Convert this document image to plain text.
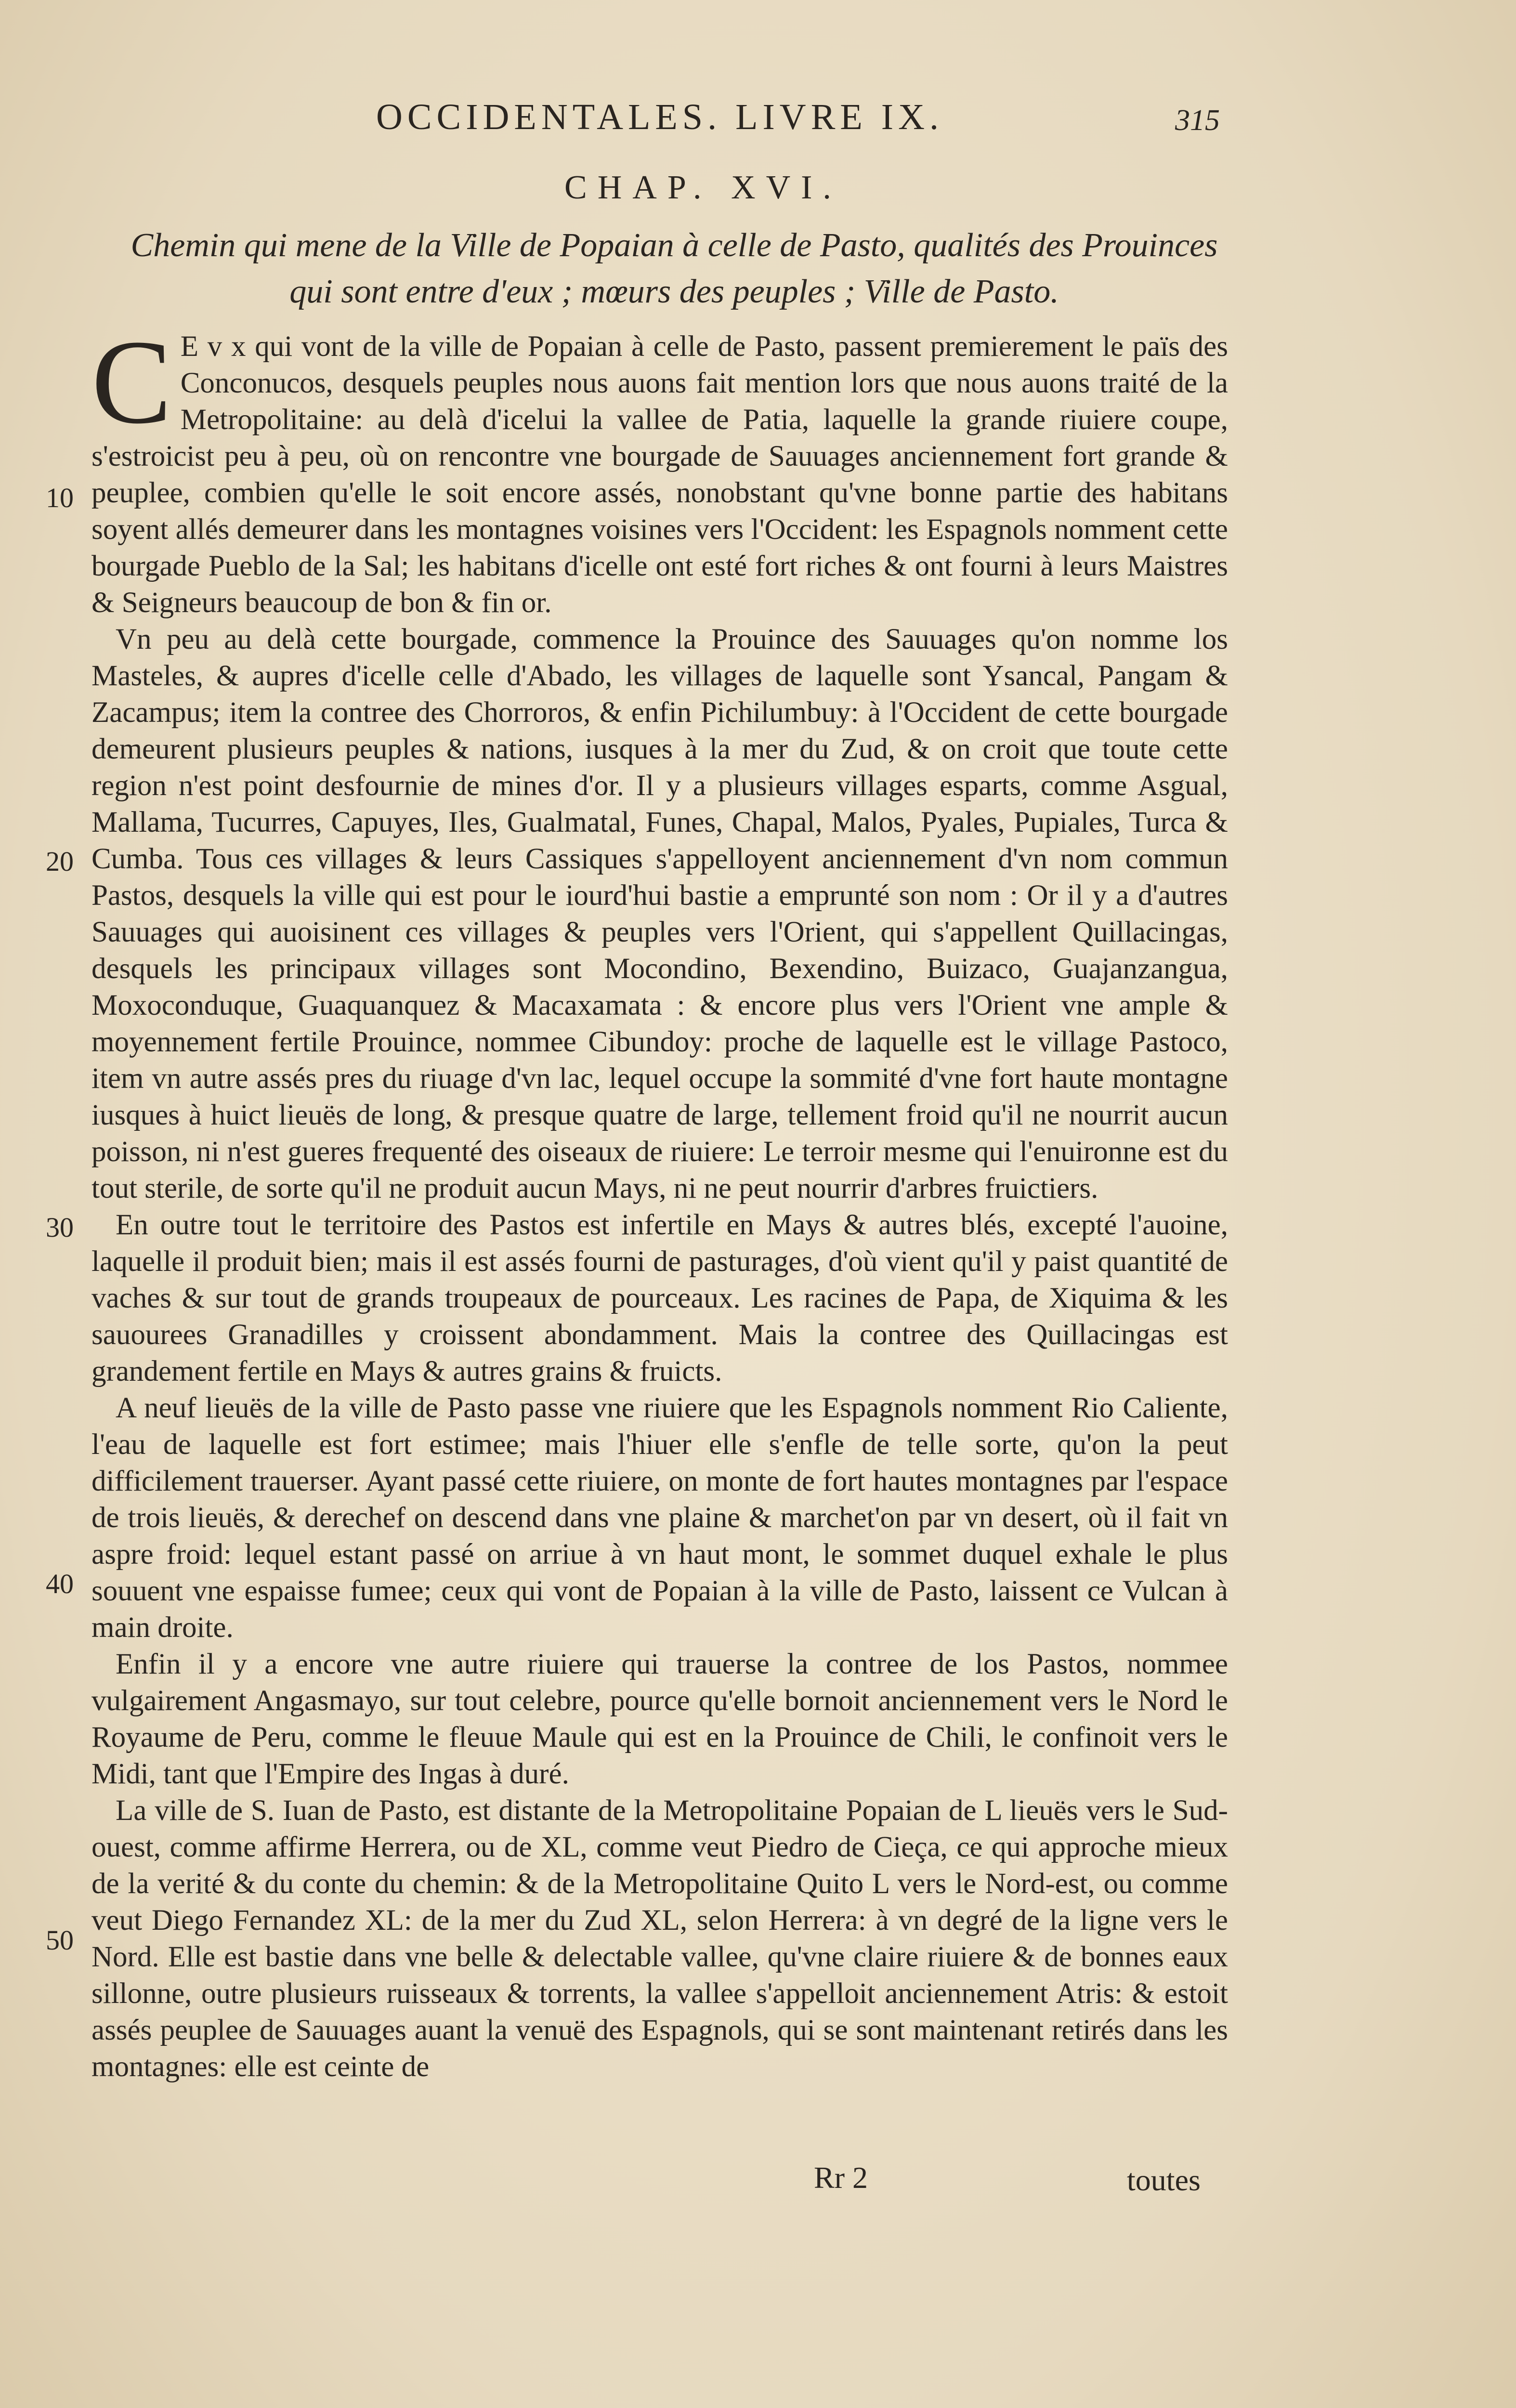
OCCIDENTALES. LIVRE IX.	315
CHAP. XVI.
Chemin qui mene de la Ville de Popaian à celle de Pasto, qualités des Prouinces qui sont entre d'eux ; mœurs des peuples ; Ville de Pasto.
10
20
30
40
50

C E v x qui vont de la ville de Popaian à celle de Pasto, passent premierement le païs des Conconucos, desquels peuples nous auons fait mention lors que nous auons traité de la Metropolitaine: au delà d'icelui la vallee de Patia, laquelle la grande riuiere coupe, s'estroicist peu à peu, où on rencontre vne bourgade de Sauuages anciennement fort grande & peuplee, combien qu'elle le soit encore assés, nonobstant qu'vne bonne partie des habitans soyent allés demeurer dans les montagnes voisines vers l'Occident: les Espagnols nomment cette bourgade Pueblo de la Sal; les habitans d'icelle ont esté fort riches & ont fourni à leurs Maistres & Seigneurs beaucoup de bon & fin or.

Vn peu au delà cette bourgade, commence la Prouince des Sauuages qu'on nomme los Masteles, & aupres d'icelle celle d'Abado, les villages de laquelle sont Ysancal, Pangam & Zacampus; item la contree des Chorroros, & enfin Pichilumbuy: à l'Occident de cette bourgade demeurent plusieurs peuples & nations, iusques à la mer du Zud, & on croit que toute cette region n'est point desfournie de mines d'or. Il y a plusieurs villages esparts, comme Asgual, Mallama, Tucurres, Capuyes, Iles, Gualmatal, Funes, Chapal, Malos, Pyales, Pupiales, Turca & Cumba. Tous ces villages & leurs Cassiques s'appelloyent anciennement d'vn nom commun Pastos, desquels la ville qui est pour le iourd'hui bastie a emprunté son nom : Or il y a d'autres Sauuages qui auoisinent ces villages & peuples vers l'Orient, qui s'appellent Quillacingas, desquels les principaux villages sont Mocondino, Bexendino, Buizaco, Guajanzangua, Moxoconduque, Guaquanquez & Macaxamata : & encore plus vers l'Orient vne ample & moyennement fertile Prouince, nommee Cibundoy: proche de laquelle est le village Pastoco, item vn autre assés pres du riuage d'vn lac, lequel occupe la sommité d'vne fort haute montagne iusques à huict lieuës de long, & presque quatre de large, tellement froid qu'il ne nourrit aucun poisson, ni n'est gueres frequenté des oiseaux de riuiere: Le terroir mesme qui l'enuironne est du tout sterile, de sorte qu'il ne produit aucun Mays, ni ne peut nourrir d'arbres fruictiers.

En outre tout le territoire des Pastos est infertile en Mays & autres blés, excepté l'auoine, laquelle il produit bien; mais il est assés fourni de pasturages, d'où vient qu'il y paist quantité de vaches & sur tout de grands troupeaux de pourceaux. Les racines de Papa, de Xiquima & les sauourees Granadilles y croissent abondamment. Mais la contree des Quillacingas est grandement fertile en Mays & autres grains & fruicts.

A neuf lieuës de la ville de Pasto passe vne riuiere que les Espagnols nomment Rio Caliente, l'eau de laquelle est fort estimee; mais l'hiuer elle s'enfle de telle sorte, qu'on la peut difficilement trauerser. Ayant passé cette riuiere, on monte de fort hautes montagnes par l'espace de trois lieuës, & derechef on descend dans vne plaine & marchet'on par vn desert, où il fait vn aspre froid: lequel estant passé on arriue à vn haut mont, le sommet duquel exhale le plus souuent vne espaisse fumee; ceux qui vont de Popaian à la ville de Pasto, laissent ce Vulcan à main droite.

Enfin il y a encore vne autre riuiere qui trauerse la contree de los Pastos, nommee vulgairement Angasmayo, sur tout celebre, pource qu'elle bornoit anciennement vers le Nord le Royaume de Peru, comme le fleuue Maule qui est en la Prouince de Chili, le confinoit vers le Midi, tant que l'Empire des Ingas à duré.

La ville de S. Iuan de Pasto, est distante de la Metropolitaine Popaian de L lieuës vers le Sud-ouest, comme affirme Herrera, ou de XL, comme veut Piedro de Cieça, ce qui approche mieux de la verité & du conte du chemin: & de la Metropolitaine Quito L vers le Nord-est, ou comme veut Diego Fernandez XL: de la mer du Zud XL, selon Herrera: à vn degré de la ligne vers le Nord. Elle est bastie dans vne belle & delectable vallee, qu'vne claire riuiere & de bonnes eaux sillonne, outre plusieurs ruisseaux & torrents, la vallee s'appelloit anciennement Atris: & estoit assés peuplee de Sauuages auant la venuë des Espagnols, qui se sont maintenant retirés dans les montagnes: elle est ceinte de

Rr 2	toutes
